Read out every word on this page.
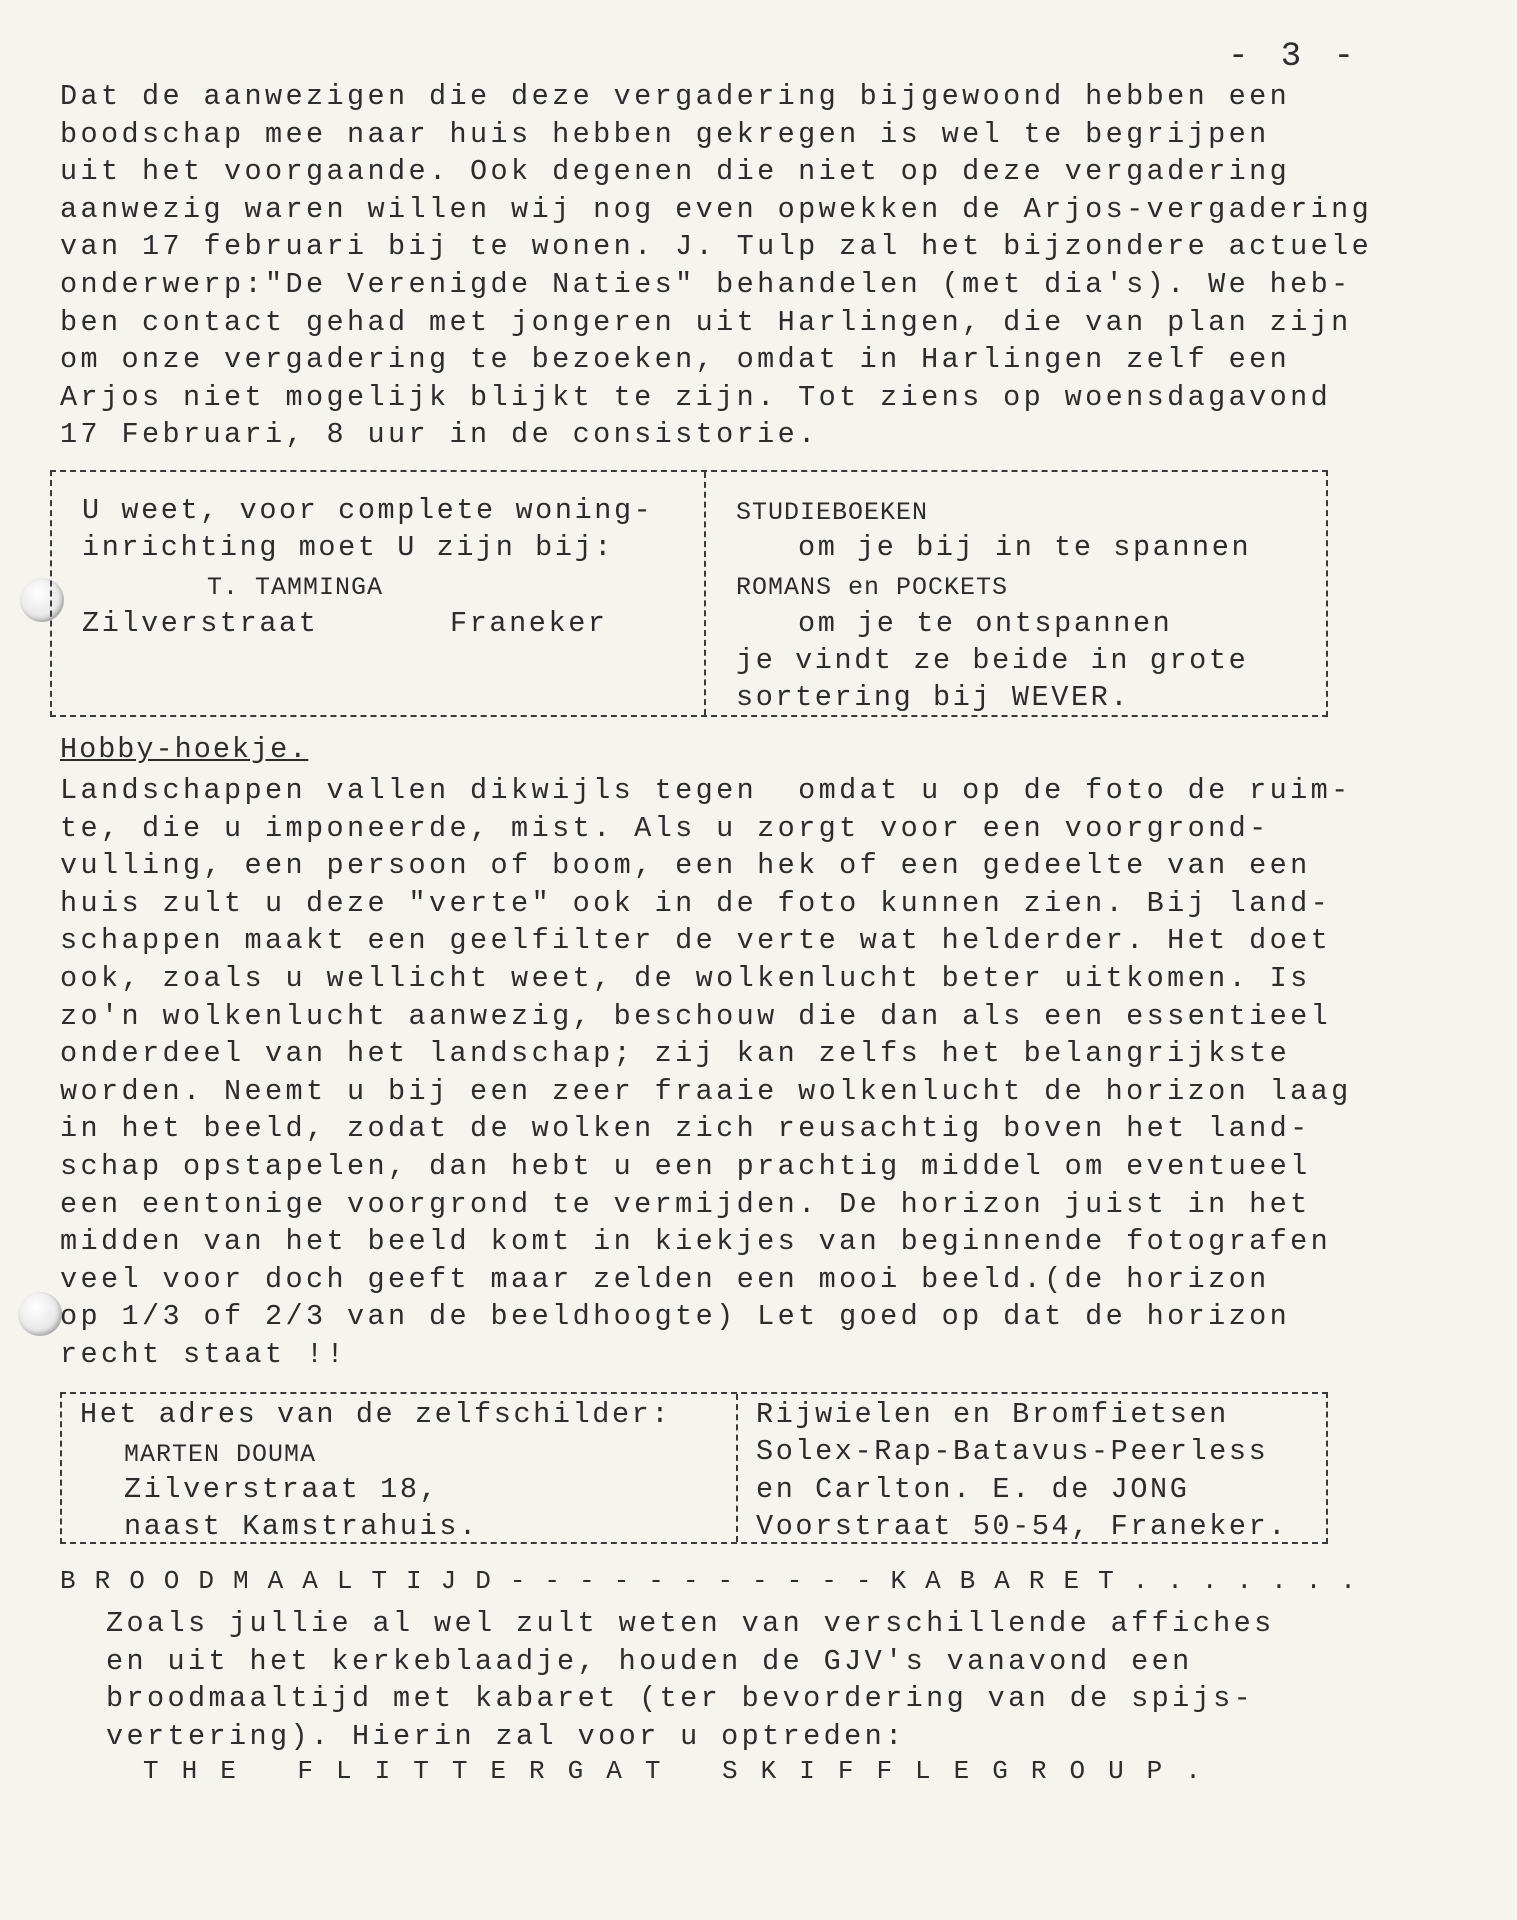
- 3 -
Dat de aanwezigen die deze vergadering bijgewoond hebben een
boodschap mee naar huis hebben gekregen is wel te begrijpen
uit het voorgaande. Ook degenen die niet op deze vergadering
aanwezig waren willen wij nog even opwekken de Arjos-vergadering
van 17 februari bij te wonen. J. Tulp zal het bijzondere actuele
onderwerp:"De Verenigde Naties" behandelen (met dia's). We heb-
ben contact gehad met jongeren uit Harlingen, die van plan zijn
om onze vergadering te bezoeken, omdat in Harlingen zelf een
Arjos niet mogelijk blijkt te zijn. Tot ziens op woensdagavond
17 Februari, 8 uur in de consistorie.
U weet, voor complete woning-
inrichting moet U zijn bij:
T. TAMMINGA
Zilverstraat	Franeker
STUDIEBOEKEN
om je bij in te spannen
ROMANS en POCKETS
om je te ontspannen
je vindt ze beide in grote
sortering bij WEVER.
Hobby-hoekje.
Landschappen vallen dikwijls tegen  omdat u op de foto de ruim-
te, die u imponeerde, mist. Als u zorgt voor een voorgrond-
vulling, een persoon of boom, een hek of een gedeelte van een
huis zult u deze "verte" ook in de foto kunnen zien. Bij land-
schappen maakt een geelfilter de verte wat helderder. Het doet
ook, zoals u wellicht weet, de wolkenlucht beter uitkomen. Is
zo'n wolkenlucht aanwezig, beschouw die dan als een essentieel
onderdeel van het landschap; zij kan zelfs het belangrijkste
worden. Neemt u bij een zeer fraaie wolkenlucht de horizon laag
in het beeld, zodat de wolken zich reusachtig boven het land-
schap opstapelen, dan hebt u een prachtig middel om eventueel
een eentonige voorgrond te vermijden. De horizon juist in het
midden van het beeld komt in kiekjes van beginnende fotografen
veel voor doch geeft maar zelden een mooi beeld.(de horizon
op 1/3 of 2/3 van de beeldhoogte) Let goed op dat de horizon
recht staat !!
Het adres van de zelfschilder:
MARTEN DOUMA
Zilverstraat 18,
naast Kamstrahuis.
Rijwielen en Bromfietsen
Solex-Rap-Batavus-Peerless
en Carlton. E. de JONG
Voorstraat 50-54, Franeker.
BROODMAALTIJD-----------KABARET.......
Zoals jullie al wel zult weten van verschillende affiches
en uit het kerkeblaadje, houden de GJV's vanavond een
broodmaaltijd met kabaret (ter bevordering van de spijs-
vertering). Hierin zal voor u optreden:
THE FLITTERGAT SKIFFLEGROUP.
